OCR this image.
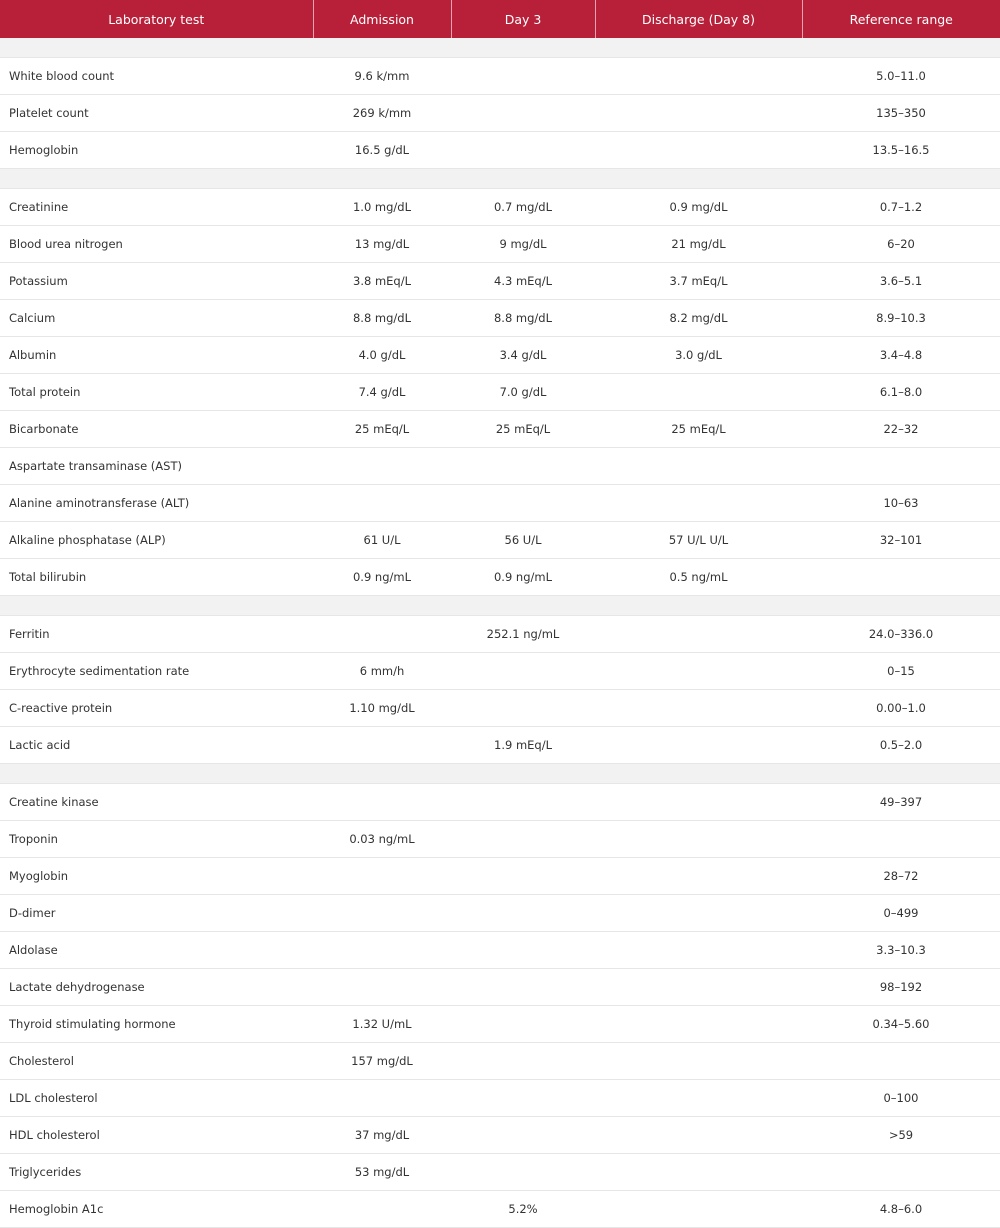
Laboratory test	Admission	Day 3	Discharge (Day 8)	Reference range

White blood count	9.6 k/mm			5.0–11.0
Platelet count	269 k/mm			135–350
Hemoglobin	16.5 g/dL			13.5–16.5

Creatinine	1.0 mg/dL	0.7 mg/dL	0.9 mg/dL	0.7–1.2
Blood urea nitrogen	13 mg/dL	9 mg/dL	21 mg/dL	6–20
Potassium	3.8 mEq/L	4.3 mEq/L	3.7 mEq/L	3.6–5.1
Calcium	8.8 mg/dL	8.8 mg/dL	8.2 mg/dL	8.9–10.3
Albumin	4.0 g/dL	3.4 g/dL	3.0 g/dL	3.4–4.8
Total protein	7.4 g/dL	7.0 g/dL		6.1–8.0
Bicarbonate	25 mEq/L	25 mEq/L	25 mEq/L	22–32
Aspartate transaminase (AST)				
Alanine aminotransferase (ALT)				10–63
Alkaline phosphatase (ALP)	61 U/L	56 U/L	57 U/L U/L	32–101
Total bilirubin	0.9 ng/mL	0.9 ng/mL	0.5 ng/mL	

Ferritin		252.1 ng/mL		24.0–336.0
Erythrocyte sedimentation rate	6 mm/h			0–15
C-reactive protein	1.10 mg/dL			0.00–1.0
Lactic acid		1.9 mEq/L		0.5–2.0

Creatine kinase				49–397
Troponin	0.03 ng/mL			
Myoglobin				28–72
D-dimer				0–499
Aldolase				3.3–10.3
Lactate dehydrogenase				98–192
Thyroid stimulating hormone	1.32 U/mL			0.34–5.60
Cholesterol	157 mg/dL			
LDL cholesterol				0–100
HDL cholesterol	37 mg/dL			>59
Triglycerides	53 mg/dL			
Hemoglobin A1c		5.2%		4.8–6.0
